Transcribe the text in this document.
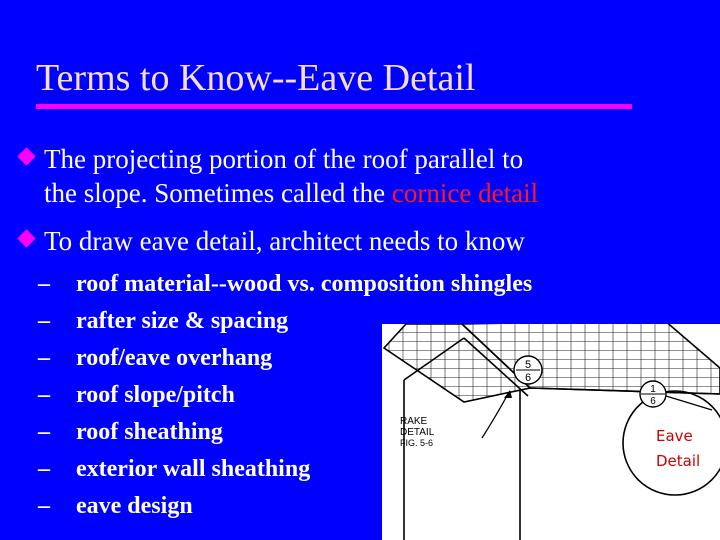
Terms to Know--Eave Detail
The projecting portion of the roof parallel to
the slope. Sometimes called the cornice detail
To draw eave detail, architect needs to know
– roof material--wood vs. composition shingles
– rafter size & spacing
– roof/eave overhang
– roof slope/pitch
– roof sheathing
– exterior wall sheathing
– eave design
5
6
RAKE
DETAIL
FIG. 5-6
1
6
Eave
Detail
